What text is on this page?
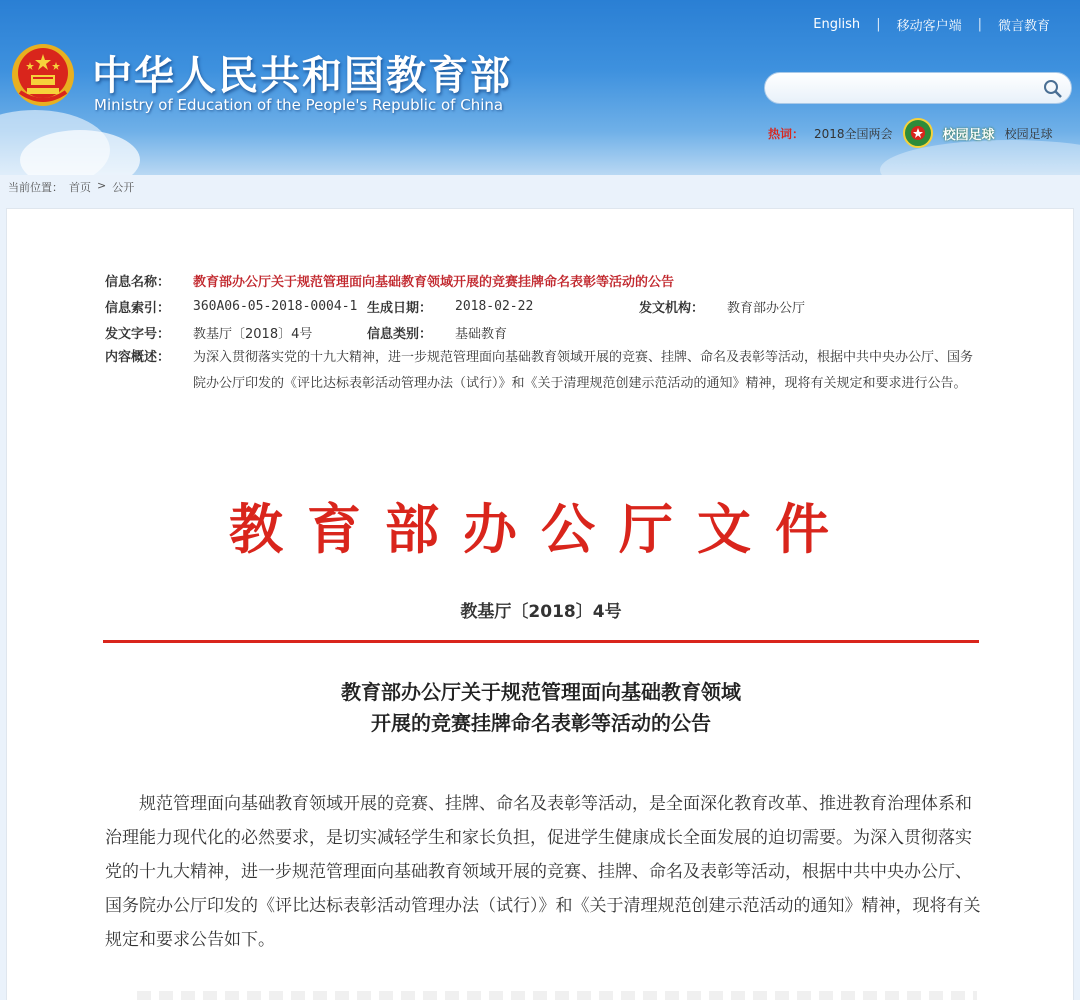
中华人民共和国教育部
Ministry of Education of the People's Republic of China
English | 移动客户端 | 微言教育
热词： 2018全国两会	校园足球 校园足球
当前位置： 首页 > 公开
信息名称：	教育部办公厅关于规范管理面向基础教育领域开展的竞赛挂牌命名表彰等活动的公告
信息索引：	360A06-05-2018-0004-1 生成日期：	2018-02-22	发文机构：	教育部办公厅
发文字号：	教基厅〔2018〕4号	信息类别：	基础教育
内容概述：	为深入贯彻落实党的十九大精神，进一步规范管理面向基础教育领域开展的竞赛、挂牌、命名及表彰等活动，根据中共中央办公厅、国务院办公厅印发的《评比达标表彰活动管理办法（试行）》和《关于清理规范创建示范活动的通知》精神，现将有关规定和要求进行公告。
教育部办公厅文件
教基厅〔2018〕4号
教育部办公厅关于规范管理面向基础教育领域
开展的竞赛挂牌命名表彰等活动的公告
规范管理面向基础教育领域开展的竞赛、挂牌、命名及表彰等活动，是全面深化教育改革、推进教育治理体系和治理能力现代化的必然要求，是切实减轻学生和家长负担，促进学生健康成长全面发展的迫切需要。为深入贯彻落实党的十九大精神，进一步规范管理面向基础教育领域开展的竞赛、挂牌、命名及表彰等活动，根据中共中央办公厅、国务院办公厅印发的《评比达标表彰活动管理办法（试行）》和《关于清理规范创建示范活动的通知》精神，现将有关规定和要求公告如下。
